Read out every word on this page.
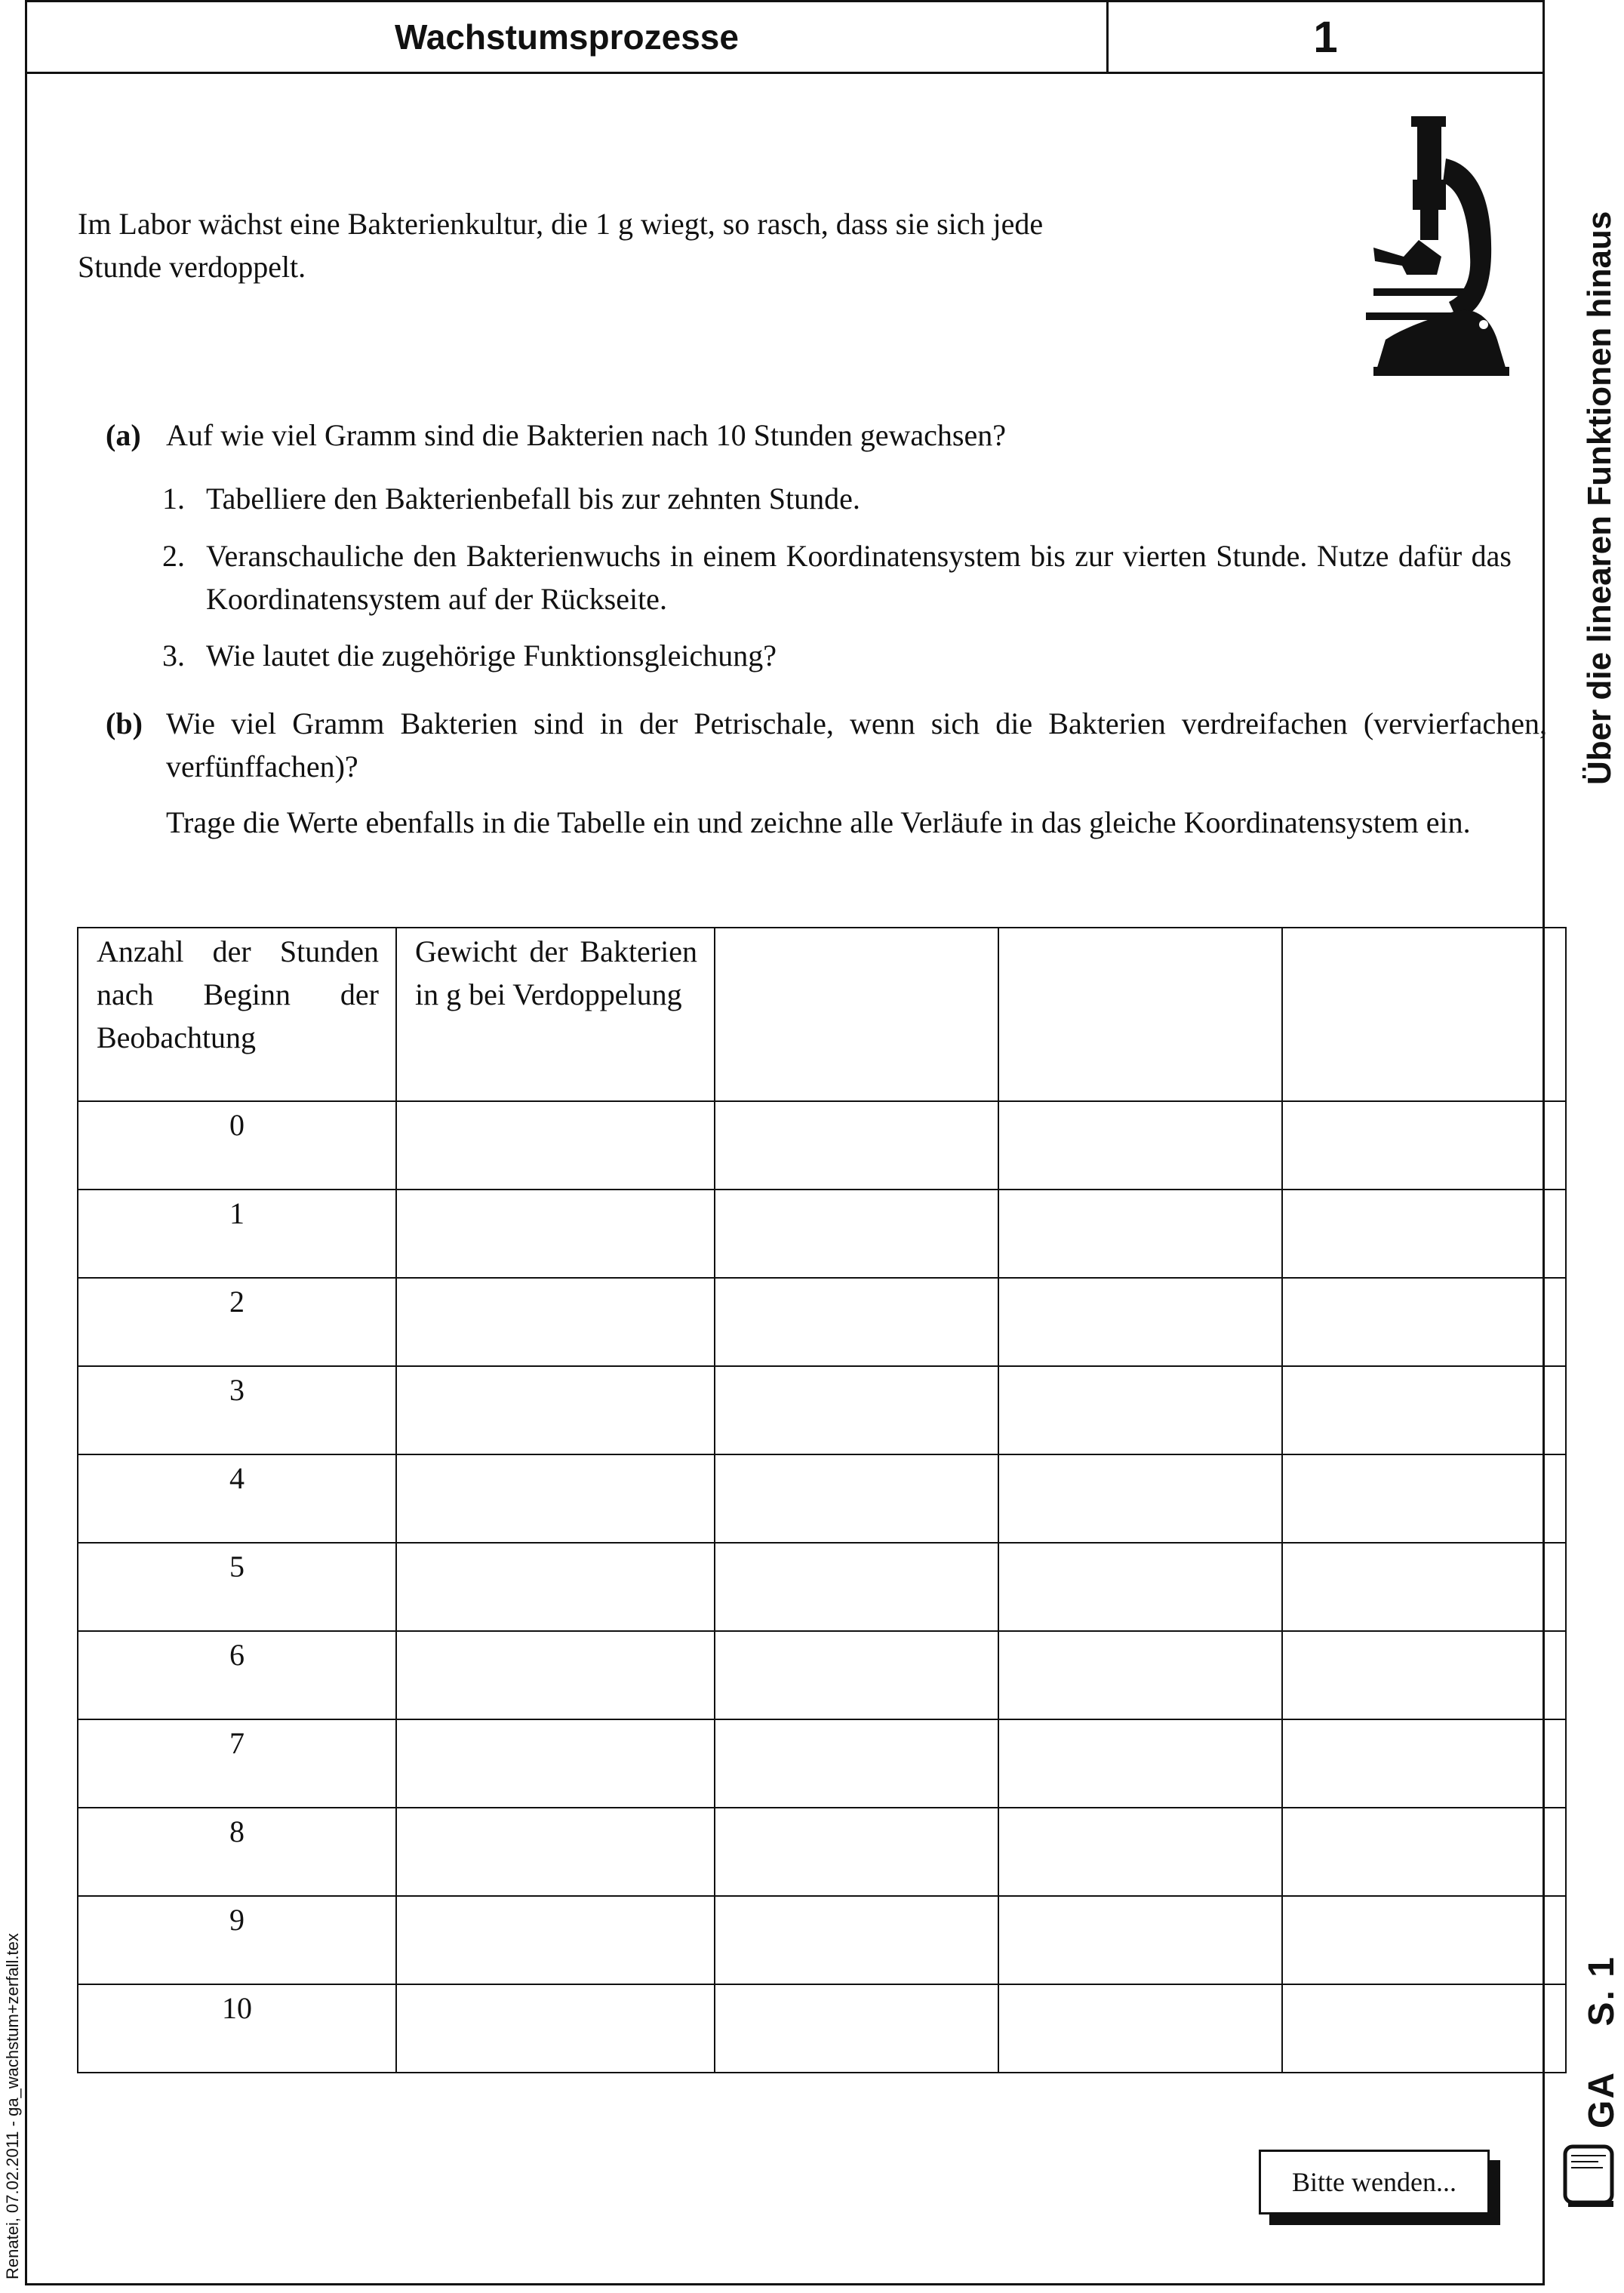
Wachstumsprozesse	1
Im Labor wächst eine Bakterienkultur, die 1 g wiegt, so rasch, dass sie sich jede Stunde verdoppelt.
(a) Auf wie viel Gramm sind die Bakterien nach 10 Stunden gewachsen?
1. Tabelliere den Bakterienbefall bis zur zehnten Stunde.
2. Veranschauliche den Bakterienwuchs in einem Koordinatensystem bis zur vierten Stunde. Nutze dafür das Koordinatensystem auf der Rückseite.
3. Wie lautet die zugehörige Funktionsgleichung?
(b) Wie viel Gramm Bakterien sind in der Petrischale, wenn sich die Bakterien verdreifachen (vervierfachen, verfünffachen)?
Trage die Werte ebenfalls in die Tabelle ein und zeichne alle Verläufe in das gleiche Koordinatensystem ein.
Anzahl der Stunden nach Beginn der Beobachtung	Gewicht der Bakterien in g bei Verdoppelung			
0				
1				
2				
3				
4				
5				
6				
7				
8				
9				
10				
Über die linearen Funktionen hinaus
GA    S. 1
Renatei, 07.02.2011 - ga_wachstum+zerfall.tex	Bitte wenden...
